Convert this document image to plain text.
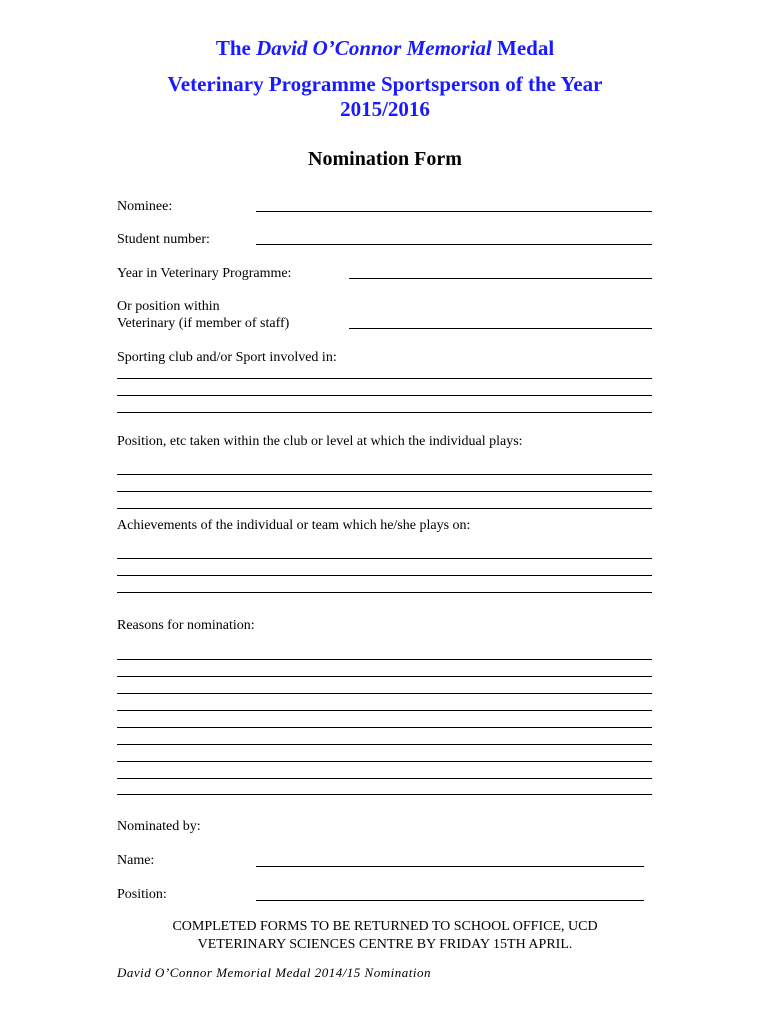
The David O’Connor Memorial Medal
Veterinary Programme Sportsperson of the Year
2015/2016
Nomination Form
Nominee:
Student number:
Year in Veterinary Programme:
Or position within
Veterinary (if member of staff)
Sporting club and/or Sport involved in:
Position, etc taken within the club or level at which the individual plays:
Achievements of the individual or team which he/she plays on:
Reasons for nomination:
Nominated by:
Name:
Position:
COMPLETED FORMS TO BE RETURNED TO SCHOOL OFFICE, UCD
VETERINARY SCIENCES CENTRE BY FRIDAY 15TH APRIL.
David O’Connor Memorial Medal 2014/15 Nomination
